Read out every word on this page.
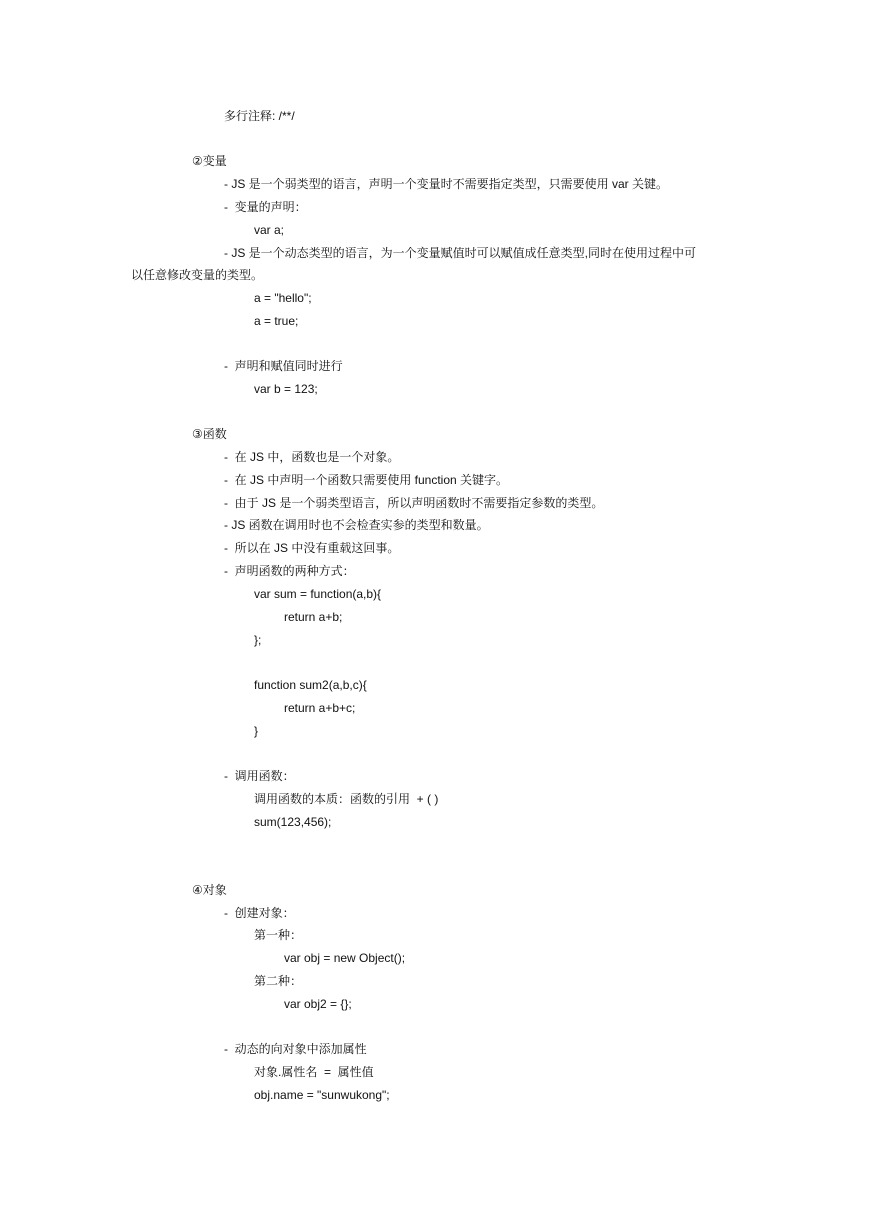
多行注释: /**/
②变量
- JS 是一个弱类型的语言，声明一个变量时不需要指定类型，只需要使用 var 关键。
-  变量的声明：
var a;
- JS 是一个动态类型的语言，为一个变量赋值时可以赋值成任意类型,同时在使用过程中可
以任意修改变量的类型。
a = "hello";
a = true;
-  声明和赋值同时进行
var b = 123;
③函数
-  在 JS 中，函数也是一个对象。
-  在 JS 中声明一个函数只需要使用 function 关键字。
-  由于 JS 是一个弱类型语言，所以声明函数时不需要指定参数的类型。
- JS 函数在调用时也不会检查实参的类型和数量。
-  所以在 JS 中没有重载这回事。
-  声明函数的两种方式：
var sum = function(a,b){
return a+b;
};
function sum2(a,b,c){
return a+b+c;
}
-  调用函数：
调用函数的本质：函数的引用  + ( )
sum(123,456);
④对象
-  创建对象：
第一种：
var obj = new Object();
第二种：
var obj2 = {};
-  动态的向对象中添加属性
对象.属性名  =  属性值
obj.name = "sunwukong";
